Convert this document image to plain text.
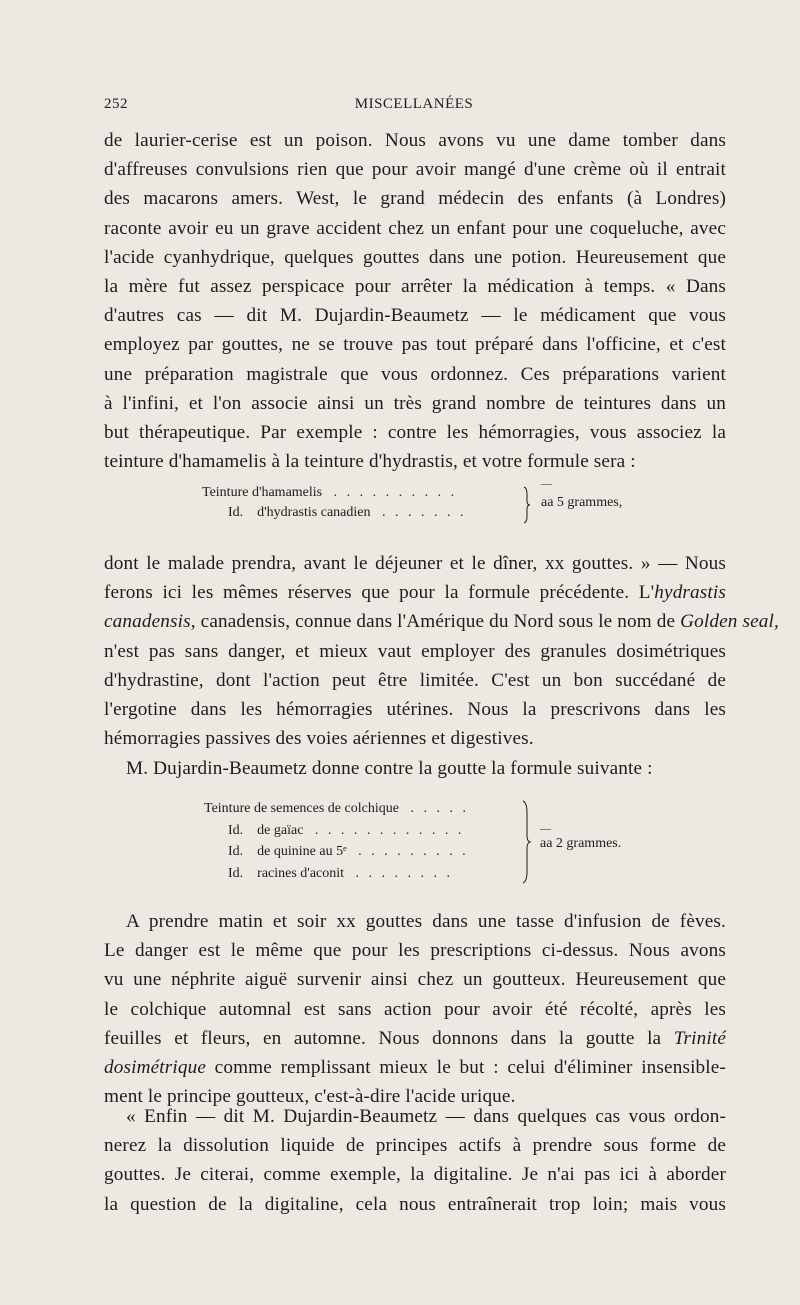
252	MISCELLANÉES
de laurier-cerise est un poison. Nous avons vu une dame tomber dans
d'affreuses convulsions rien que pour avoir mangé d'une crème où il entrait
des macarons amers. West, le grand médecin des enfants (à Londres)
raconte avoir eu un grave accident chez un enfant pour une coqueluche, avec
l'acide cyanhydrique, quelques gouttes dans une potion. Heureusement que
la mère fut assez perspicace pour arrêter la médication à temps. « Dans
d'autres cas — dit M. Dujardin-Beaumetz — le médicament que vous
employez par gouttes, ne se trouve pas tout préparé dans l'officine, et c'est
une préparation magistrale que vous ordonnez. Ces préparations varient
à l'infini, et l'on associe ainsi un très grand nombre de teintures dans un
but thérapeutique. Par exemple : contre les hémorragies, vous associez la
teinture d'hamamelis à la teinture d'hydrastis, et votre formule sera :
Teinture d'hamamelis . . . . . . . . . .
Id.    d'hydrastis canadien . . . . . . .
—
aa 5 grammes,
dont le malade prendra, avant le déjeuner et le dîner, xx gouttes. » — Nous
ferons ici les mêmes réserves que pour la formule précédente. L'hydrastis
canadensis, canadensis, connue dans l'Amérique du Nord sous le nom de Golden seal,
n'est pas sans danger, et mieux vaut employer des granules dosimétriques
d'hydrastine, dont l'action peut être limitée. C'est un bon succédané de
l'ergotine dans les hémorragies utérines. Nous la prescrivons dans les
hémorragies passives des voies aériennes et digestives.
M. Dujardin-Beaumetz donne contre la goutte la formule suivante :
Teinture de semences de colchique . . . . .
Id.    de gaïac . . . . . . . . . . . .
Id.    de quinine au 5ᵉ . . . . . . . . .
Id.    racines d'aconit . . . . . . . .
—
aa 2 grammes.
A prendre matin et soir xx gouttes dans une tasse d'infusion de fèves.
Le danger est le même que pour les prescriptions ci-dessus. Nous avons
vu une néphrite aiguë survenir ainsi chez un goutteux. Heureusement que
le colchique automnal est sans action pour avoir été récolté, après les
feuilles et fleurs, en automne. Nous donnons dans la goutte la Trinité
dosimétrique comme remplissant mieux le but : celui d'éliminer insensible-
ment le principe goutteux, c'est-à-dire l'acide urique.
« Enfin — dit M. Dujardin-Beaumetz — dans quelques cas vous ordon-
nerez la dissolution liquide de principes actifs à prendre sous forme de
gouttes. Je citerai, comme exemple, la digitaline. Je n'ai pas ici à aborder
la question de la digitaline, cela nous entraînerait trop loin; mais vous
